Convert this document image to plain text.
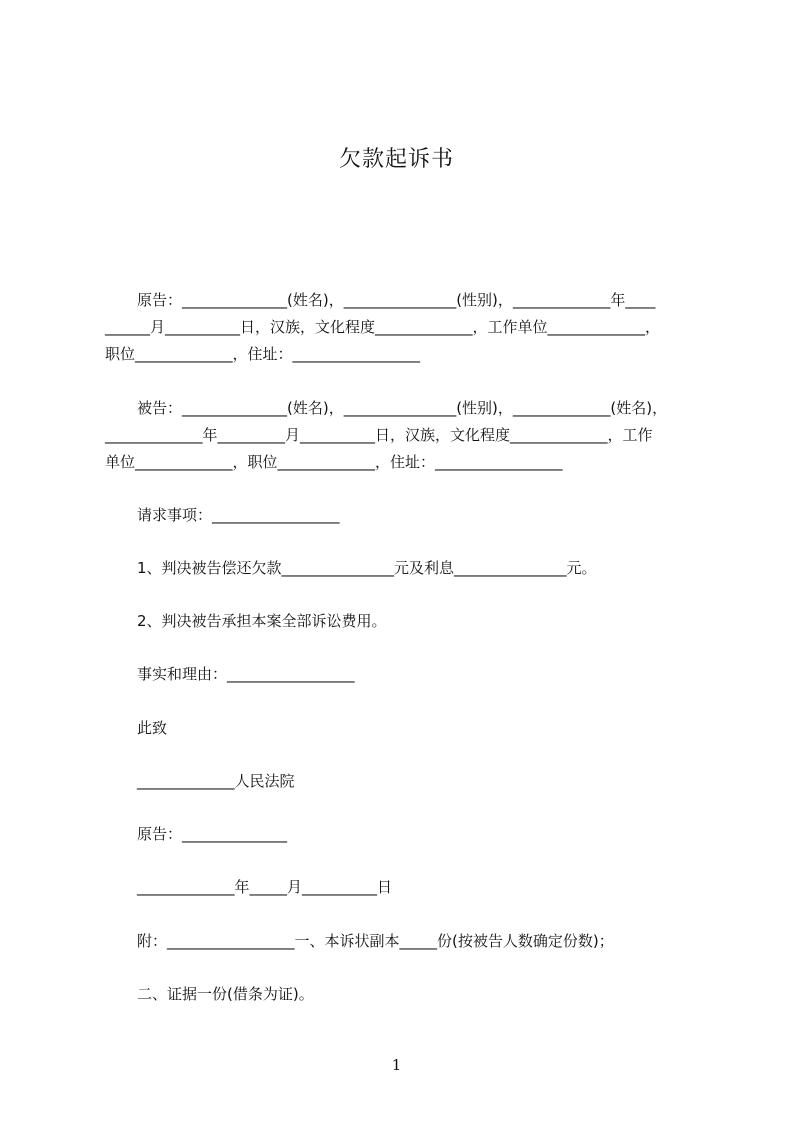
欠款起诉书
原告：______________(姓名)，_______________(性别)，_____________年____
______月__________日，汉族，文化程度_____________，工作单位_____________，
职位_____________，住址：_________________
被告：______________(姓名)，_______________(性别)，_____________(姓名)，
_____________年_________月__________日，汉族，文化程度_____________，工作
单位_____________，职位_____________，住址：_________________
请求事项：_________________
1、判决被告偿还欠款_______________元及利息_______________元。
2、判决被告承担本案全部诉讼费用。
事实和理由：_________________
此致
_____________人民法院
原告：______________
_____________年_____月__________日
附：_________________一、本诉状副本_____份(按被告人数确定份数)；
二、证据一份(借条为证)。
1
